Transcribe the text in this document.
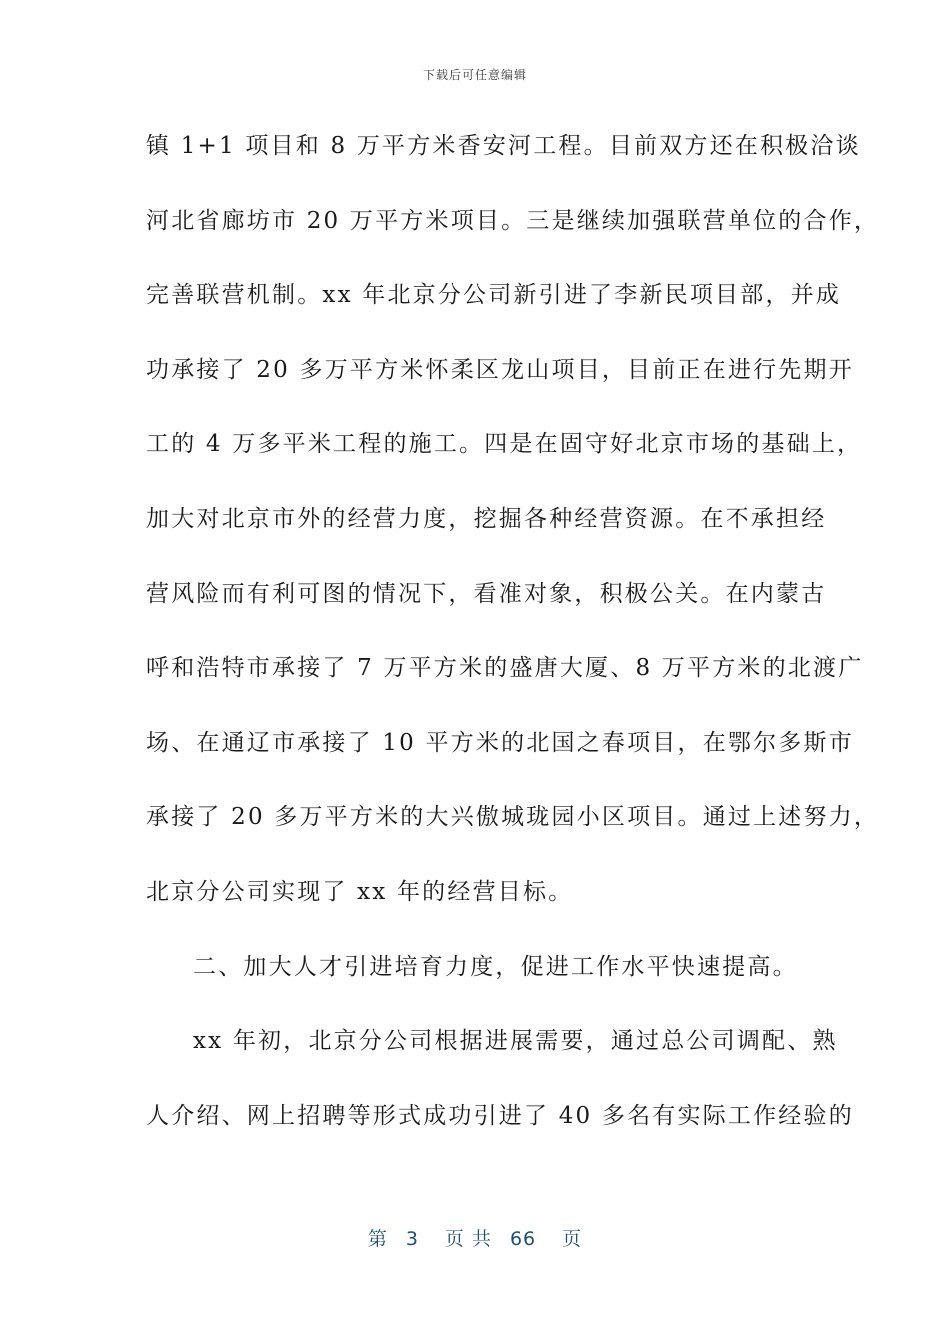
下载后可任意编辑
镇 1+1 项目和 8 万平方米香安河工程。目前双方还在积极洽谈
河北省廊坊市 20 万平方米项目。三是继续加强联营单位的合作，
完善联营机制。xx 年北京分公司新引进了李新民项目部，并成
功承接了 20 多万平方米怀柔区龙山项目，目前正在进行先期开
工的 4 万多平米工程的施工。四是在固守好北京市场的基础上，
加大对北京市外的经营力度，挖掘各种经营资源。在不承担经
营风险而有利可图的情况下，看准对象，积极公关。在内蒙古
呼和浩特市承接了 7 万平方米的盛唐大厦、8 万平方米的北渡广
场、在通辽市承接了 10 平方米的北国之春项目，在鄂尔多斯市
承接了 20 多万平方米的大兴傲城珑园小区项目。通过上述努力，
北京分公司实现了 xx 年的经营目标。
二、加大人才引进培育力度，促进工作水平快速提高。
xx 年初，北京分公司根据进展需要，通过总公司调配、熟
人介绍、网上招聘等形式成功引进了 40 多名有实际工作经验的
第 3 页 共 66 页
